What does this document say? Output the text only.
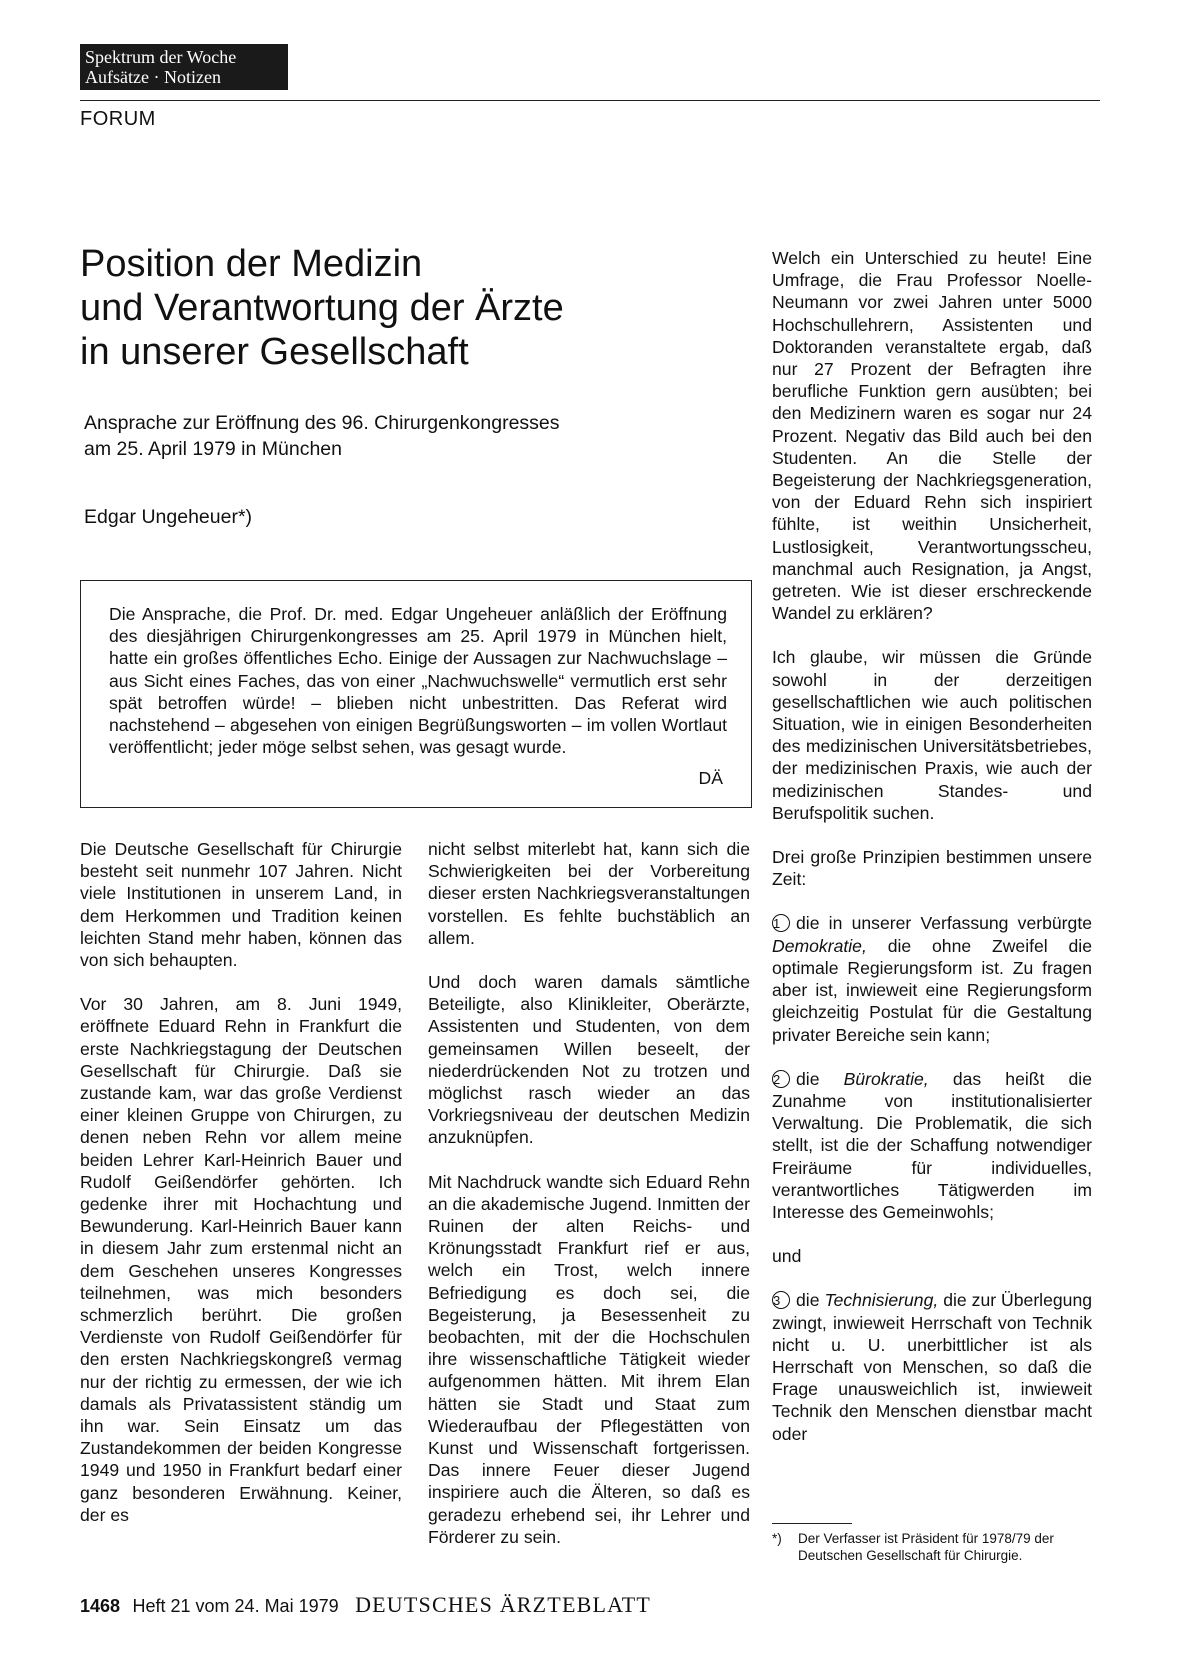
Spektrum der Woche
Aufsätze · Notizen
FORUM
Position der Medizin
und Verantwortung der Ärzte
in unserer Gesellschaft
Ansprache zur Eröffnung des 96. Chirurgenkongresses
am 25. April 1979 in München
Edgar Ungeheuer*)
Die Ansprache, die Prof. Dr. med. Edgar Ungeheuer anläßlich der Eröffnung des diesjährigen Chirurgenkongresses am 25. April 1979 in München hielt, hatte ein großes öffentliches Echo. Einige der Aussagen zur Nachwuchslage – aus Sicht eines Faches, das von einer „Nachwuchswelle“ vermutlich erst sehr spät betroffen würde! – blieben nicht unbestritten. Das Referat wird nachstehend – abgesehen von einigen Begrüßungsworten – im vollen Wortlaut veröffentlicht; jeder möge selbst sehen, was gesagt wurde.
DÄ

Die Deutsche Gesellschaft für Chirurgie besteht seit nunmehr 107 Jahren. Nicht viele Institutionen in unserem Land, in dem Herkommen und Tradition keinen leichten Stand mehr haben, können das von sich behaupten.

Vor 30 Jahren, am 8. Juni 1949, eröffnete Eduard Rehn in Frankfurt die erste Nachkriegstagung der Deutschen Gesellschaft für Chirurgie. Daß sie zustande kam, war das große Verdienst einer kleinen Gruppe von Chirurgen, zu denen neben Rehn vor allem meine beiden Lehrer Karl-Heinrich Bauer und Rudolf Geißendörfer gehörten. Ich gedenke ihrer mit Hochachtung und Bewunderung. Karl-Heinrich Bauer kann in diesem Jahr zum erstenmal nicht an dem Geschehen unseres Kongresses teilnehmen, was mich besonders schmerzlich berührt. Die großen Verdienste von Rudolf Geißendörfer für den ersten Nachkriegskongreß vermag nur der richtig zu ermessen, der wie ich damals als Privatassistent ständig um ihn war. Sein Einsatz um das Zustandekommen der beiden Kongresse 1949 und 1950 in Frankfurt bedarf einer ganz besonderen Erwähnung. Keiner, der es

nicht selbst miterlebt hat, kann sich die Schwierigkeiten bei der Vorbereitung dieser ersten Nachkriegsveranstaltungen vorstellen. Es fehlte buchstäblich an allem.

Und doch waren damals sämtliche Beteiligte, also Klinikleiter, Oberärzte, Assistenten und Studenten, von dem gemeinsamen Willen beseelt, der niederdrückenden Not zu trotzen und möglichst rasch wieder an das Vorkriegsniveau der deutschen Medizin anzuknüpfen.

Mit Nachdruck wandte sich Eduard Rehn an die akademische Jugend. Inmitten der Ruinen der alten Reichs- und Krönungsstadt Frankfurt rief er aus, welch ein Trost, welch innere Befriedigung es doch sei, die Begeisterung, ja Besessenheit zu beobachten, mit der die Hochschulen ihre wissenschaftliche Tätigkeit wieder aufgenommen hätten. Mit ihrem Elan hätten sie Stadt und Staat zum Wiederaufbau der Pflegestätten von Kunst und Wissenschaft fortgerissen. Das innere Feuer dieser Jugend inspiriere auch die Älteren, so daß es geradezu erhebend sei, ihr Lehrer und Förderer zu sein.

Welch ein Unterschied zu heute! Eine Umfrage, die Frau Professor Noelle-Neumann vor zwei Jahren unter 5000 Hochschullehrern, Assistenten und Doktoranden veranstaltete ergab, daß nur 27 Prozent der Befragten ihre berufliche Funktion gern ausübten; bei den Medizinern waren es sogar nur 24 Prozent. Negativ das Bild auch bei den Studenten. An die Stelle der Begeisterung der Nachkriegsgeneration, von der Eduard Rehn sich inspiriert fühlte, ist weithin Unsicherheit, Lustlosigkeit, Verantwortungsscheu, manchmal auch Resignation, ja Angst, getreten. Wie ist dieser erschreckende Wandel zu erklären?

Ich glaube, wir müssen die Gründe sowohl in der derzeitigen gesellschaftlichen wie auch politischen Situation, wie in einigen Besonderheiten des medizinischen Universitätsbetriebes, der medizinischen Praxis, wie auch der medizinischen Standes- und Berufspolitik suchen.

Drei große Prinzipien bestimmen unsere Zeit:

1 die in unserer Verfassung verbürgte Demokratie, die ohne Zweifel die optimale Regierungsform ist. Zu fragen aber ist, inwieweit eine Regierungsform gleichzeitig Postulat für die Gestaltung privater Bereiche sein kann;

2 die Bürokratie, das heißt die Zunahme von institutionalisierter Verwaltung. Die Problematik, die sich stellt, ist die der Schaffung notwendiger Freiräume für individuelles, verantwortliches Tätigwerden im Interesse des Gemeinwohls;

und

3 die Technisierung, die zur Überlegung zwingt, inwieweit Herrschaft von Technik nicht u. U. unerbittlicher ist als Herrschaft von Menschen, so daß die Frage unausweichlich ist, inwieweit Technik den Menschen dienstbar macht oder

*) Der Verfasser ist Präsident für 1978/79 der Deutschen Gesellschaft für Chirurgie.
1468 Heft 21 vom 24. Mai 1979 DEUTSCHES ÄRZTEBLATT
